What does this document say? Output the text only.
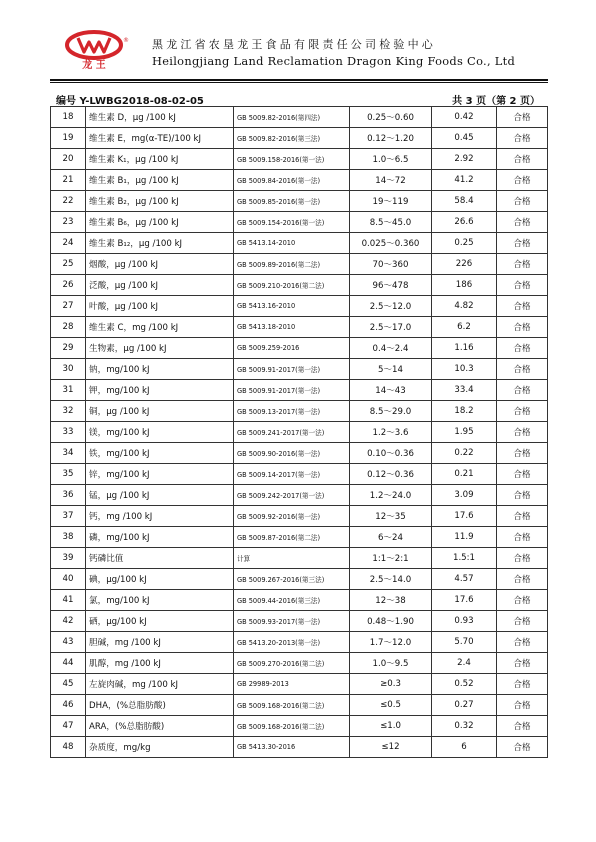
龙 王
® 黑龙江省农垦龙王食品有限责任公司检验中心
Heilongjiang Land Reclamation Dragon King Foods Co., Ltd
编号 Y-LWBG2018-08-02-05	共 3 页（第 2 页）
18	维生素 D，μg /100 kJ	GB 5009.82-2016(第四法)	0.25～0.60	0.42	合格
19	维生素 E，mg(α-TE)/100 kJ	GB 5009.82-2016(第三法)	0.12～1.20	0.45	合格
20	维生素 K₁，μg /100 kJ	GB 5009.158-2016(第一法)	1.0～6.5	2.92	合格
21	维生素 B₁，μg /100 kJ	GB 5009.84-2016(第一法)	14～72	41.2	合格
22	维生素 B₂，μg /100 kJ	GB 5009.85-2016(第一法)	19～119	58.4	合格
23	维生素 B₆，μg /100 kJ	GB 5009.154-2016(第一法)	8.5～45.0	26.6	合格
24	维生素 B₁₂，μg /100 kJ	GB 5413.14-2010	0.025～0.360	0.25	合格
25	烟酸，μg /100 kJ	GB 5009.89-2016(第二法)	70～360	226	合格
26	泛酸，μg /100 kJ	GB 5009.210-2016(第二法)	96～478	186	合格
27	叶酸，μg /100 kJ	GB 5413.16-2010	2.5～12.0	4.82	合格
28	维生素 C，mg /100 kJ	GB 5413.18-2010	2.5～17.0	6.2	合格
29	生物素，μg /100 kJ	GB 5009.259-2016	0.4～2.4	1.16	合格
30	钠，mg/100 kJ	GB 5009.91-2017(第一法)	5～14	10.3	合格
31	钾，mg/100 kJ	GB 5009.91-2017(第一法)	14～43	33.4	合格
32	铜，μg /100 kJ	GB 5009.13-2017(第一法)	8.5～29.0	18.2	合格
33	镁，mg/100 kJ	GB 5009.241-2017(第一法)	1.2～3.6	1.95	合格
34	铁，mg/100 kJ	GB 5009.90-2016(第一法)	0.10～0.36	0.22	合格
35	锌，mg/100 kJ	GB 5009.14-2017(第一法)	0.12～0.36	0.21	合格
36	锰，μg /100 kJ	GB 5009.242-2017(第一法)	1.2～24.0	3.09	合格
37	钙，mg /100 kJ	GB 5009.92-2016(第一法)	12～35	17.6	合格
38	磷，mg/100 kJ	GB 5009.87-2016(第二法)	6～24	11.9	合格
39	钙磷比值	计算	1:1～2:1	1.5:1	合格
40	碘，μg/100 kJ	GB 5009.267-2016(第三法)	2.5～14.0	4.57	合格
41	氯，mg/100 kJ	GB 5009.44-2016(第三法)	12～38	17.6	合格
42	硒，μg/100 kJ	GB 5009.93-2017(第一法)	0.48～1.90	0.93	合格
43	胆碱，mg /100 kJ	GB 5413.20-2013(第一法)	1.7～12.0	5.70	合格
44	肌醇，mg /100 kJ	GB 5009.270-2016(第二法)	1.0～9.5	2.4	合格
45	左旋肉碱，mg /100 kJ	GB 29989-2013	≥0.3	0.52	合格
46	DHA，(%总脂肪酸)	GB 5009.168-2016(第二法)	≤0.5	0.27	合格
47	ARA，(%总脂肪酸)	GB 5009.168-2016(第二法)	≤1.0	0.32	合格
48	杂质度，mg/kg	GB 5413.30-2016	≤12	6	合格
